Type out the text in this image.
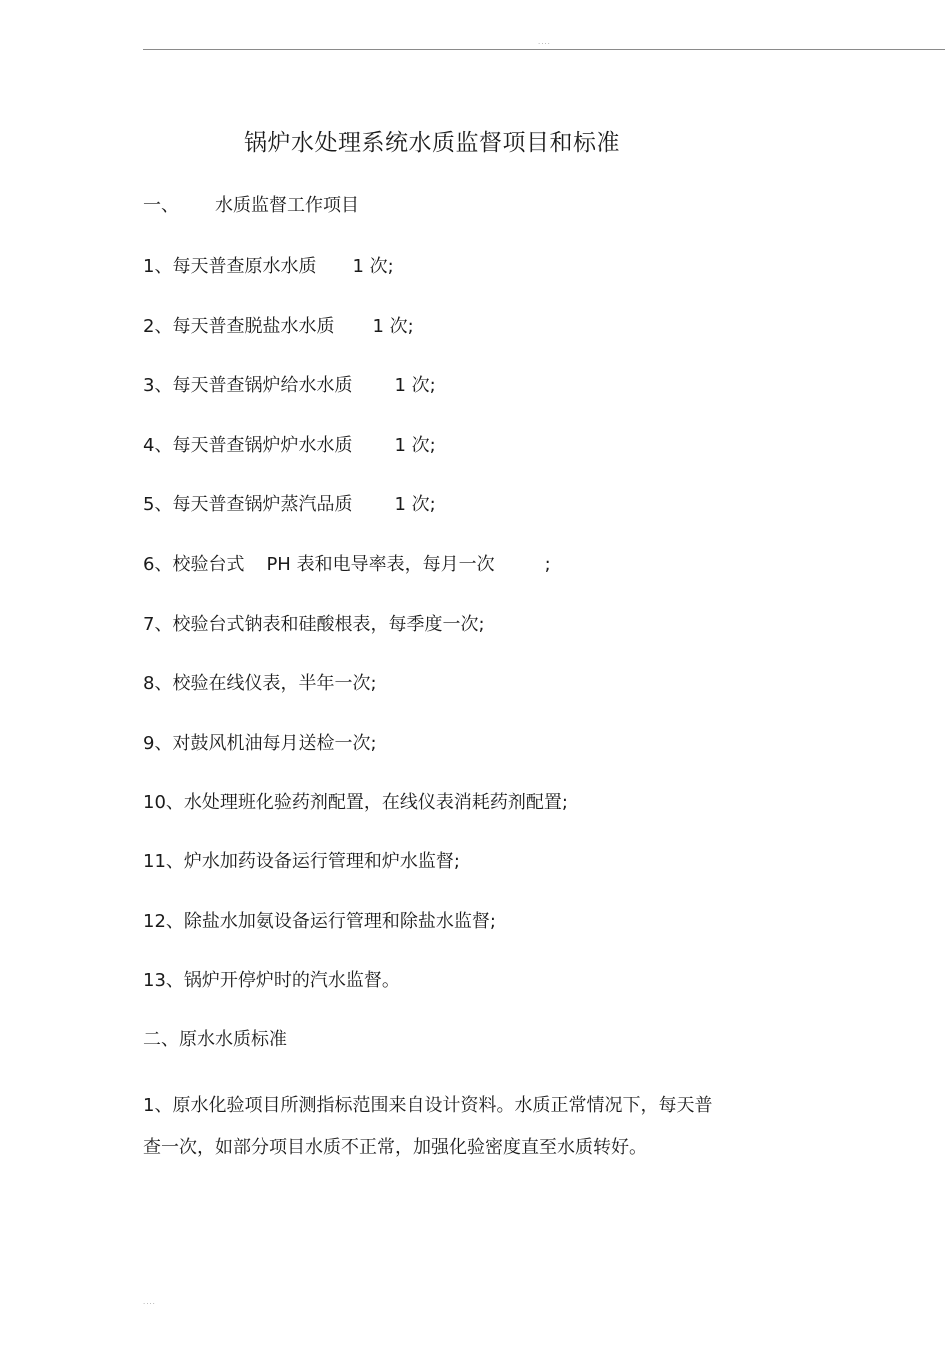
....
锅炉水处理系统水质监督项目和标准
一、 水质监督工作项目
1、每天普查原水水质 1 次;
2、每天普查脱盐水水质 1 次;
3、每天普查锅炉给水水质 1 次;
4、每天普查锅炉炉水水质 1 次;
5、每天普查锅炉蒸汽品质 1 次;
6、校验台式 PH 表和电导率表，每月一次	;
7、校验台式钠表和硅酸根表，每季度一次;
8、校验在线仪表，半年一次;
9、对鼓风机油每月送检一次;
10、水处理班化验药剂配置，在线仪表消耗药剂配置;
11、炉水加药设备运行管理和炉水监督;
12、除盐水加氨设备运行管理和除盐水监督;
13、锅炉开停炉时的汽水监督。
二、原水水质标准
1、原水化验项目所测指标范围来自设计资料。水质正常情况下，每天普查一次，如部分项目水质不正常，加强化验密度直至水质转好。
....
